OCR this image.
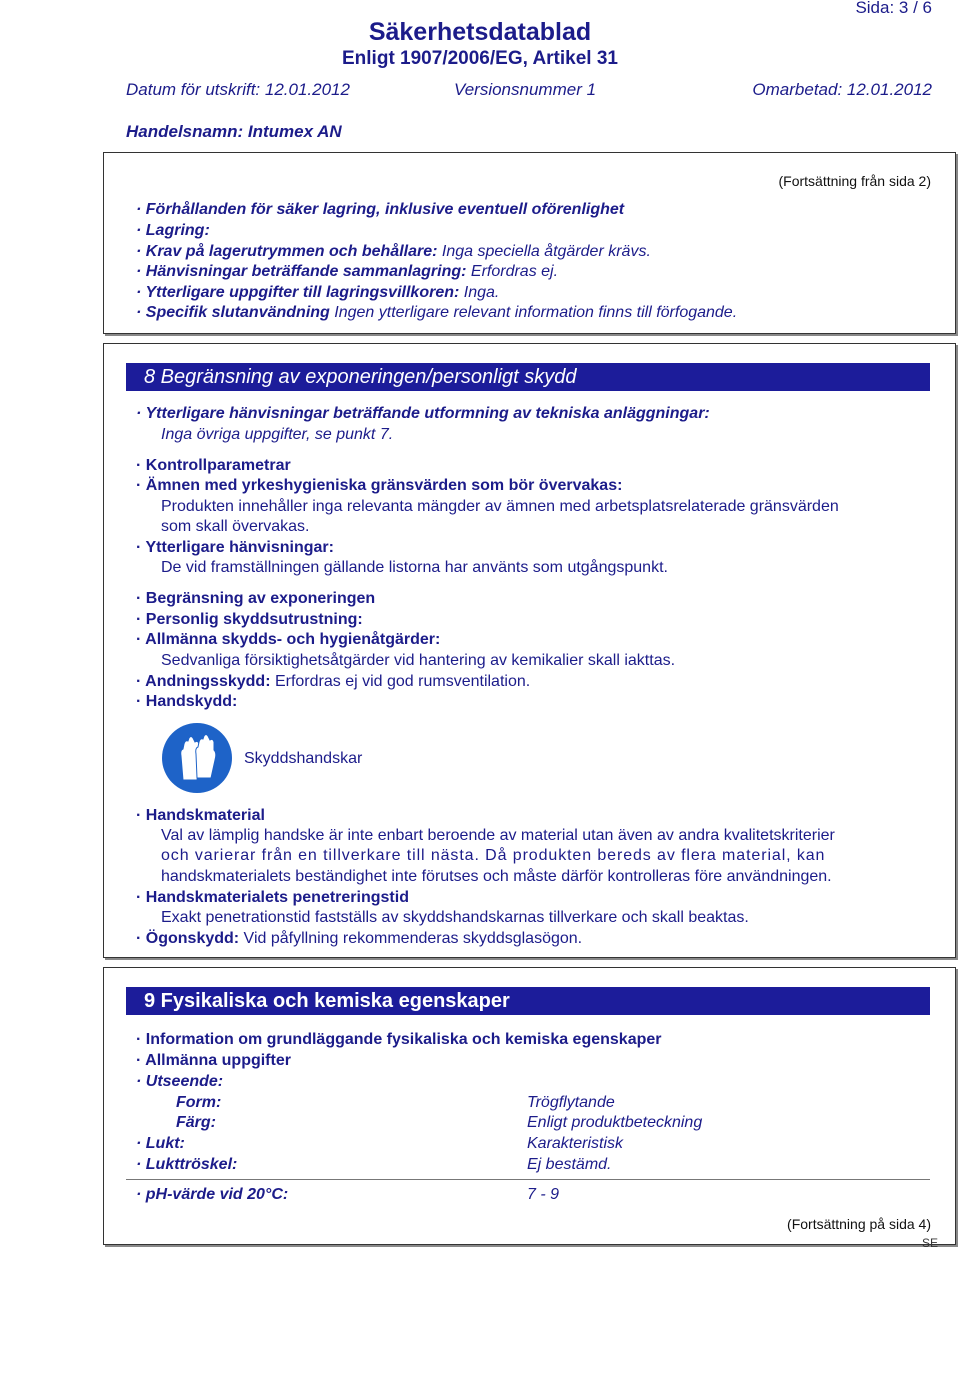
Sida: 3 / 6
Säkerhetsdatablad
Enligt 1907/2006/EG, Artikel 31
Datum för utskrift: 12.01.2012	Versionsnummer 1	Omarbetad: 12.01.2012
Handelsnamn: Intumex AN
(Fortsättning från sida 2)
· Förhållanden för säker lagring, inklusive eventuell oförenlighet
· Lagring:
· Krav på lagerutrymmen och behållare: Inga speciella åtgärder krävs.
· Hänvisningar beträffande sammanlagring: Erfordras ej.
· Ytterligare uppgifter till lagringsvillkoren: Inga.
· Specifik slutanvändning Ingen ytterligare relevant information finns till förfogande.
8 Begränsning av exponeringen/personligt skydd
· Ytterligare hänvisningar beträffande utformning av tekniska anläggningar:
Inga övriga uppgifter, se punkt 7.
· Kontrollparametrar
· Ämnen med yrkeshygieniska gränsvärden som bör övervakas:
Produkten innehåller inga relevanta mängder av ämnen med arbetsplatsrelaterade gränsvärden
som skall övervakas.
· Ytterligare hänvisningar:
De vid framställningen gällande listorna har använts som utgångspunkt.
· Begränsning av exponeringen
· Personlig skyddsutrustning:
· Allmänna skydds- och hygienåtgärder:
Sedvanliga försiktighetsåtgärder vid hantering av kemikalier skall iakttas.
· Andningsskydd: Erfordras ej vid god rumsventilation.
· Handskydd:
Skyddshandskar
· Handskmaterial
Val av lämplig handske är inte enbart beroende av material utan även av andra kvalitetskriterier
och varierar från en tillverkare till nästa. Då produkten bereds av flera material, kan
handskmaterialets beständighet inte förutses och måste därför kontrolleras före användningen.
· Handskmaterialets penetreringstid
Exakt penetrationstid fastställs av skyddshandskarnas tillverkare och skall beaktas.
· Ögonskydd: Vid påfyllning rekommenderas skyddsglasögon.
(Fortsättning på sida 4)
9 Fysikaliska och kemiska egenskaper
· Information om grundläggande fysikaliska och kemiska egenskaper
· Allmänna uppgifter
· Utseende:
Form:	Trögflytande
Färg:	Enligt produktbeteckning
· Lukt:	Karakteristisk
· Lukttröskel:	Ej bestämd.
· pH-värde vid 20°C:	7 - 9
SE
